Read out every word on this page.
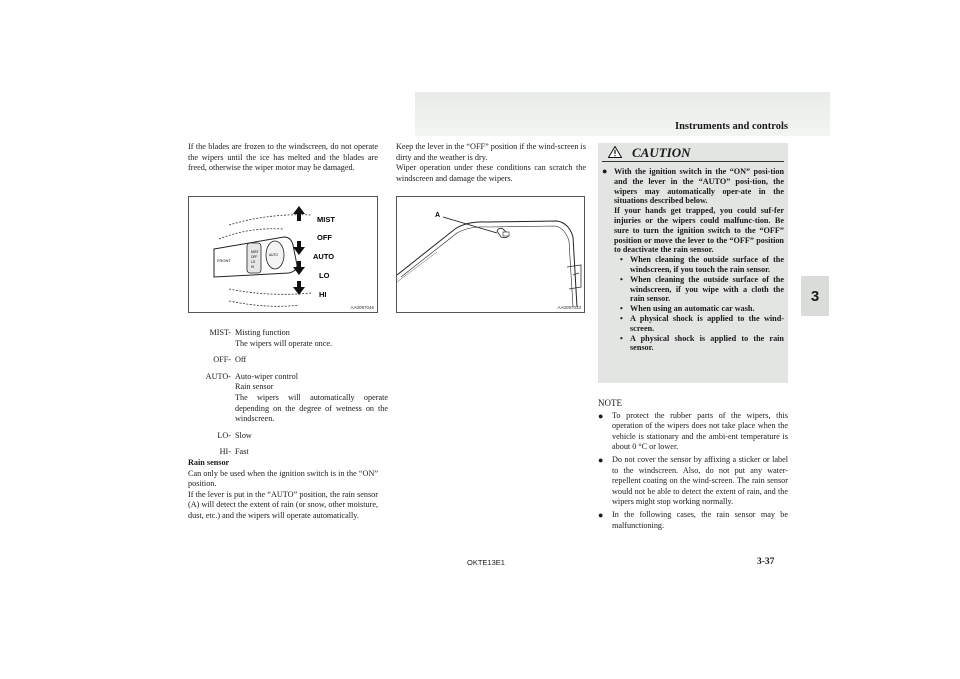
Instruments and controls
3

If the blades are frozen to the windscreen, do not operate the wipers until the ice has melted and the blades are freed, otherwise the wiper motor may be damaged.

FRONT
MIST
OFF	AUTO
LO
HI
MIST
OFF
AUTO
LO
HI
AA0097046
MIST- Misting function
The wipers will operate once.
OFF- Off
AUTO- Auto-wiper control
Rain sensor
The wipers will automatically operate depending on the degree of wetness on the windscreen.
LO- Slow
HI- Fast

Rain sensor

Can only be used when the ignition switch is in the “ON” position.

If the lever is put in the “AUTO” position, the rain sensor (A) will detect the extent of rain (or snow, other moisture, dust, etc.) and the wipers will operate automatically.

Keep the lever in the “OFF” position if the wind-screen is dirty and the weather is dry.

Wiper operation under these conditions can scratch the windscreen and damage the wipers.

A
AA0097033
CAUTION
● With the ignition switch in the “ON” posi-tion and the lever in the “AUTO” posi-tion, the wipers may automatically oper-ate in the situations described below.
If your hands get trapped, you could suf-fer injuries or the wipers could malfunc-tion. Be sure to turn the ignition switch to the “OFF” position or move the lever to the “OFF” position to deactivate the rain sensor.
• When cleaning the outside surface of the windscreen, if you touch the rain sensor.
• When cleaning the outside surface of the windscreen, if you wipe with a cloth the rain sensor.
• When using an automatic car wash.
• A physical shock is applied to the wind-screen.
• A physical shock is applied to the rain sensor.
NOTE
●	To protect the rubber parts of the wipers, this operation of the wipers does not take place when the vehicle is stationary and the ambi-ent temperature is about 0 °C or lower.
●	Do not cover the sensor by affixing a sticker or label to the windscreen. Also, do not put any water-repellent coating on the wind-screen. The rain sensor would not be able to detect the extent of rain, and the wipers might stop working normally.
●	In the following cases, the rain sensor may be malfunctioning.
OKTE13E1	3-37
